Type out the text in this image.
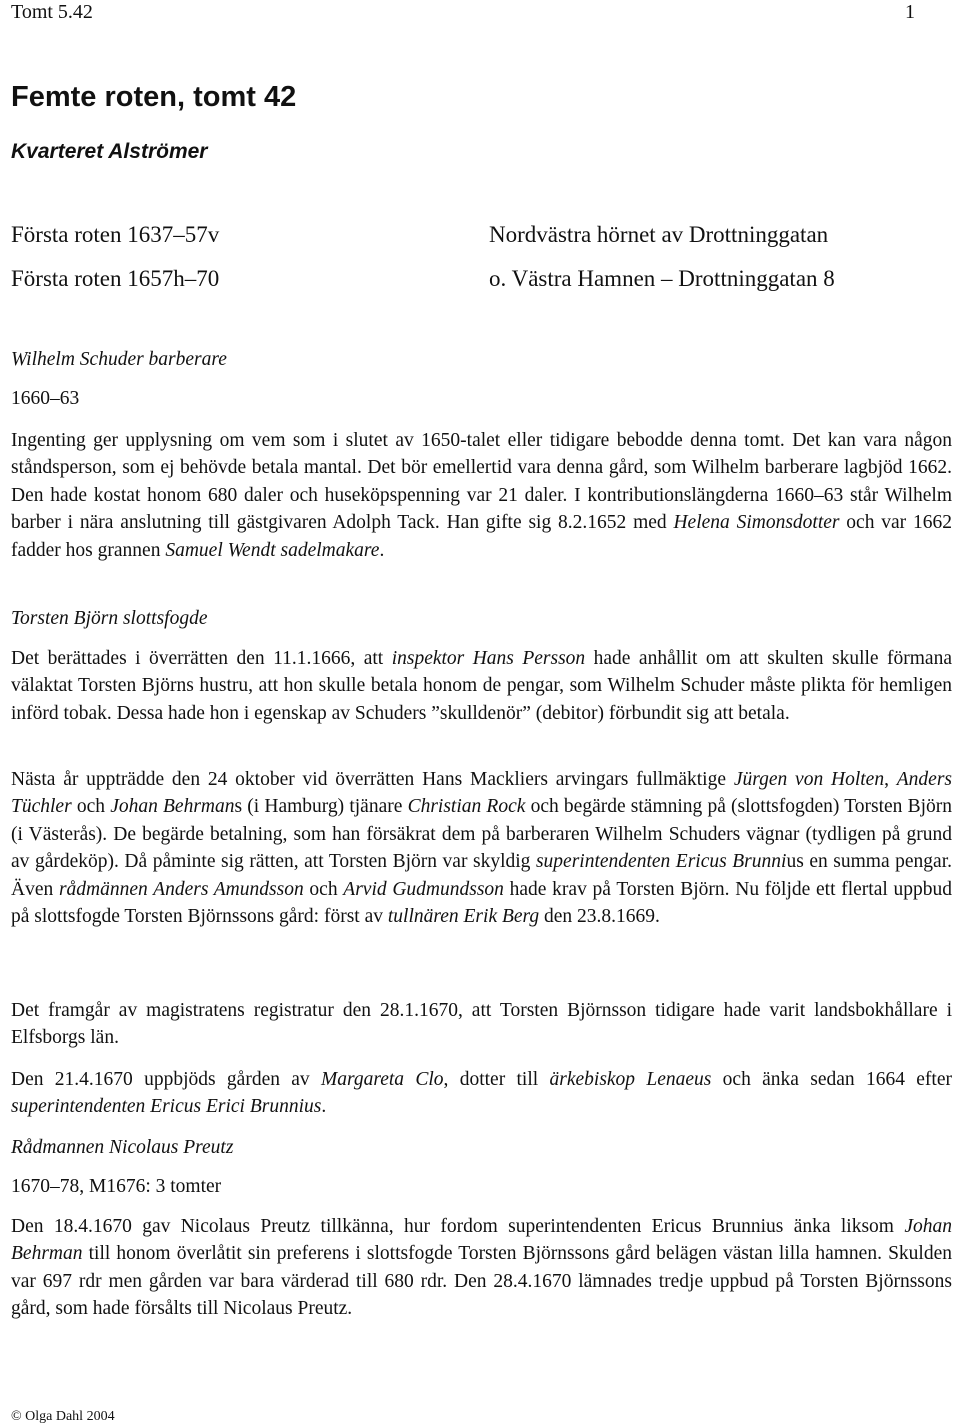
Tomt 5.42	1
Femte roten, tomt 42
Kvarteret Alströmer
Första roten 1637–57v	Nordvästra hörnet av Drottninggatan
Första roten 1657h–70	o. Västra Hamnen – Drottninggatan 8
Wilhelm Schuder barberare
1660–63

Ingenting ger upplysning om vem som i slutet av 1650-talet eller tidigare bebodde denna tomt. Det kan vara någon ståndsperson, som ej behövde betala mantal. Det bör emellertid vara denna gård, som Wilhelm barberare lagbjöd 1662. Den hade kostat honom 680 daler och huseköpspenning var 21 daler. I kontributionslängderna 1660–63 står Wilhelm barber i nära anslutning till gästgivaren Adolph Tack. Han gifte sig 8.2.1652 med Helena Simonsdotter och var 1662 fadder hos grannen Samuel Wendt sadelmakare.

Torsten Björn slottsfogde

Det berättades i överrätten den 11.1.1666, att inspektor Hans Persson hade anhållit om att skulten skulle förmana välaktat Torsten Björns hustru, att hon skulle betala honom de pengar, som Wilhelm Schuder måste plikta för hemligen införd tobak. Dessa hade hon i egenskap av Schuders ”skulldenör” (debitor) förbundit sig att betala.

Nästa år uppträdde den 24 oktober vid överrätten Hans Mackliers arvingars fullmäktige Jürgen von Holten, Anders Tüchler och Johan Behrmans (i Hamburg) tjänare Christian Rock och begärde stämning på (slottsfogden) Torsten Björn (i Västerås). De begärde betalning, som han försäkrat dem på barberaren Wilhelm Schuders vägnar (tydligen på grund av gårdeköp). Då påminte sig rätten, att Torsten Björn var skyldig superintendenten Ericus Brunnius en summa pengar. Även rådmännen Anders Amundsson och Arvid Gudmundsson hade krav på Torsten Björn. Nu följde ett flertal uppbud på slottsfogde Torsten Björnssons gård: först av tullnären Erik Berg den 23.8.1669.

Det framgår av magistratens registratur den 28.1.1670, att Torsten Björnsson tidigare hade varit landsbokhållare i Elfsborgs län.

Den 21.4.1670 uppbjöds gården av Margareta Clo, dotter till ärkebiskop Lenaeus och änka sedan 1664 efter superintendenten Ericus Erici Brunnius.

Rådmannen Nicolaus Preutz
1670–78, M1676: 3 tomter

Den 18.4.1670 gav Nicolaus Preutz tillkänna, hur fordom superintendenten Ericus Brunnius änka liksom Johan Behrman till honom överlåtit sin preferens i slottsfogde Torsten Björnssons gård belägen västan lilla hamnen. Skulden var 697 rdr men gården var bara värderad till 680 rdr. Den 28.4.1670 lämnades tredje uppbud på Torsten Björnssons gård, som hade försålts till Nicolaus Preutz.

© Olga Dahl 2004
